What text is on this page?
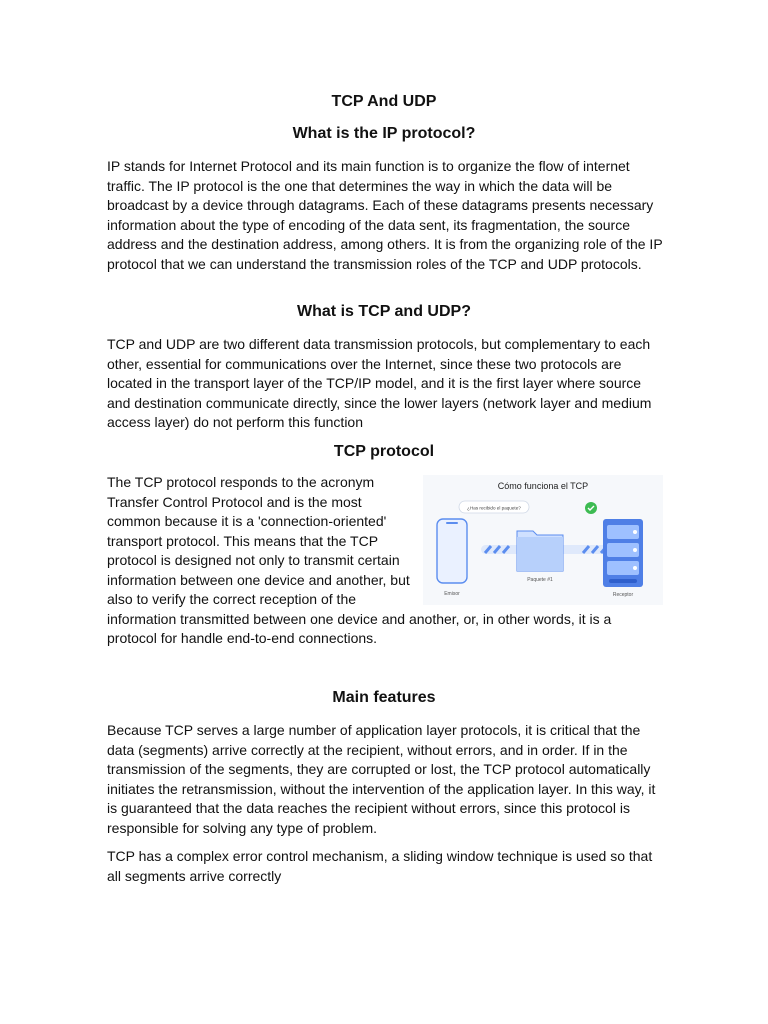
TCP And UDP
What is the IP protocol?

IP stands for Internet Protocol and its main function is to organize the flow of internet traffic. The IP protocol is the one that determines the way in which the data will be broadcast by a device through datagrams. Each of these datagrams presents necessary information about the type of encoding of the data sent, its fragmentation, the source address and the destination address, among others. It is from the organizing role of the IP protocol that we can understand the transmission roles of the TCP and UDP protocols.

What is TCP and UDP?

TCP and UDP are two different data transmission protocols, but complementary to each other, essential for communications over the Internet, since these two protocols are located in the transport layer of the TCP/IP model, and it is the first layer where source and destination communicate directly, since the lower layers (network layer and medium access layer) do not perform this function

TCP protocol
Cómo funciona el TCP
¿Has recibido el paquete?
Emisor
Paquete #1
Receptor
The TCP protocol responds to the acronym Transfer Control Protocol and is the most common because it is a 'connection-oriented' transport protocol. This means that the TCP protocol is designed not only to transmit certain information between one device and another, but also to verify the correct reception of the information transmitted between one device and another, or, in other words, it is a protocol for handle end-to-end connections.
Main features

Because TCP serves a large number of application layer protocols, it is critical that the data (segments) arrive correctly at the recipient, without errors, and in order. If in the transmission of the segments, they are corrupted or lost, the TCP protocol automatically initiates the retransmission, without the intervention of the application layer. In this way, it is guaranteed that the data reaches the recipient without errors, since this protocol is responsible for solving any type of problem.

TCP has a complex error control mechanism, a sliding window technique is used so that all segments arrive correctly
